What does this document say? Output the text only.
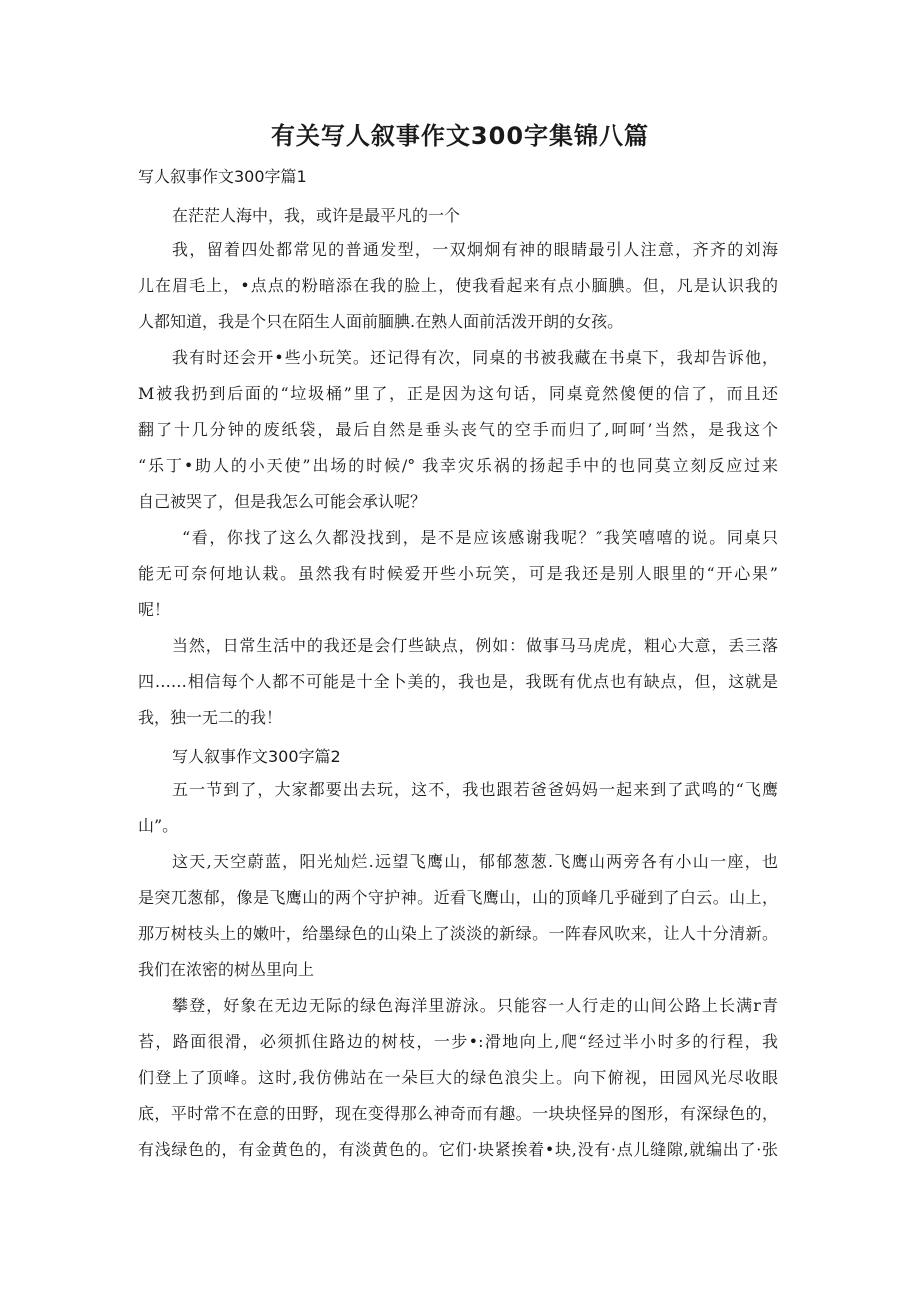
有关写人叙事作文300字集锦八篇
写人叙事作文300字篇1
在茫茫人海中，我，或许是最平凡的一个
我，留着四处都常见的普通发型，一双炯炯有神的眼睛最引人注意，齐齐的刘海
儿在眉毛上，•点点的粉暗添在我的脸上，使我看起来有点小腼腆。但，凡是认识我的
人都知道，我是个只在陌生人面前腼腆.在熟人面前活泼开朗的女孩。
我有时还会开•些小玩笑。还记得有次，同桌的书被我藏在书桌下，我却告诉他，
M被我扔到后面的“垃圾桶”里了，正是因为这句话，同桌竟然傻便的信了，而且还
翻了十几分钟的废纸袋，最后自然是垂头丧气的空手而归了,呵呵’当然，是我这个
“乐丁•助人的小天使”出场的时候/° 我幸灾乐祸的扬起手中的也同莫立刻反应过来
自己被哭了，但是我怎么可能会承认呢？
“看，你找了这么久都没找到，是不是应该感谢我呢？″我笑嘻嘻的说。同桌只
能无可奈何地认栽。虽然我有时候爱开些小玩笑，可是我还是别人眼里的“开心果”
呢！
当然，日常生活中的我还是会仃些缺点，例如：做事马马虎虎，粗心大意，丢三落
四……相信每个人都不可能是十全卜美的，我也是，我既有优点也有缺点，但，这就是
我，独一无二的我！
写人叙事作文300字篇2
五一节到了，大家都要出去玩，这不，我也跟若爸爸妈妈一起来到了武鸣的“飞鹰
山”。
这天,天空蔚蓝，阳光灿烂.远望飞鹰山，郁郁葱葱.飞鹰山两旁各有小山一座，也
是突兀葱郁，像是飞鹰山的两个守护神。近看飞鹰山，山的顶峰几乎碰到了白云。山上，
那万树枝头上的嫩叶，给墨绿色的山染上了淡淡的新绿。一阵春风吹来，让人十分清新。
我们在浓密的树丛里向上
攀登，好象在无边无际的绿色海洋里游泳。只能容一人行走的山间公路上长满r青
苔，路面很滑，必须抓住路边的树枝，一步•:滑地向上,爬“经过半小时多的行程，我
们登上了顶峰。这时,我仿佛站在一朵巨大的绿色浪尖上。向下俯视，田园风光尽收眼
底，平时常不在意的田野，现在变得那么神奇而有趣。一块块怪异的图形，有深绿色的，
有浅绿色的，有金黄色的，有淡黄色的。它们·块紧挨着•块,没有·点儿缝隙,就编出了·张
